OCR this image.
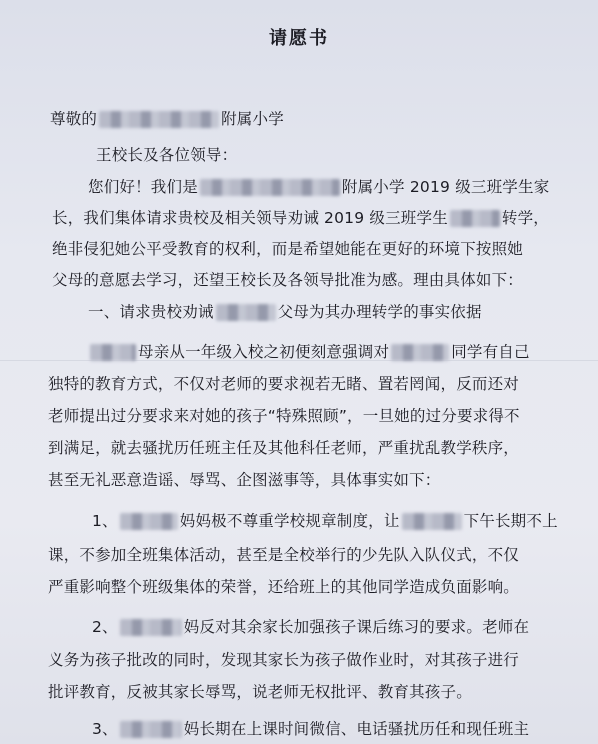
请愿书
尊敬的	附属小学
王校长及各位领导：
您们好！我们是	附属小学 2019 级三班学生家
长，我们集体请求贵校及相关领导劝诫 2019 级三班学生	转学，
绝非侵犯她公平受教育的权利，而是希望她能在更好的环境下按照她
父母的意愿去学习，还望王校长及各领导批准为感。理由具体如下：
一、请求贵校劝诫	父母为其办理转学的事实依据
母亲从一年级入校之初便刻意强调对	同学有自己
独特的教育方式，不仅对老师的要求视若无睹、置若罔闻，反而还对
老师提出过分要求来对她的孩子“特殊照顾”，一旦她的过分要求得不
到满足，就去骚扰历任班主任及其他科任老师，严重扰乱教学秩序，
甚至无礼恶意造谣、辱骂、企图滋事等，具体事实如下：
1、	妈妈极不尊重学校规章制度，让	下午长期不上
课，不参加全班集体活动，甚至是全校举行的少先队入队仪式，不仅
严重影响整个班级集体的荣誉，还给班上的其他同学造成负面影响。
2、	妈反对其余家长加强孩子课后练习的要求。老师在
义务为孩子批改的同时，发现其家长为孩子做作业时，对其孩子进行
批评教育，反被其家长辱骂，说老师无权批评、教育其孩子。
3、	妈长期在上课时间微信、电话骚扰历任和现任班主
